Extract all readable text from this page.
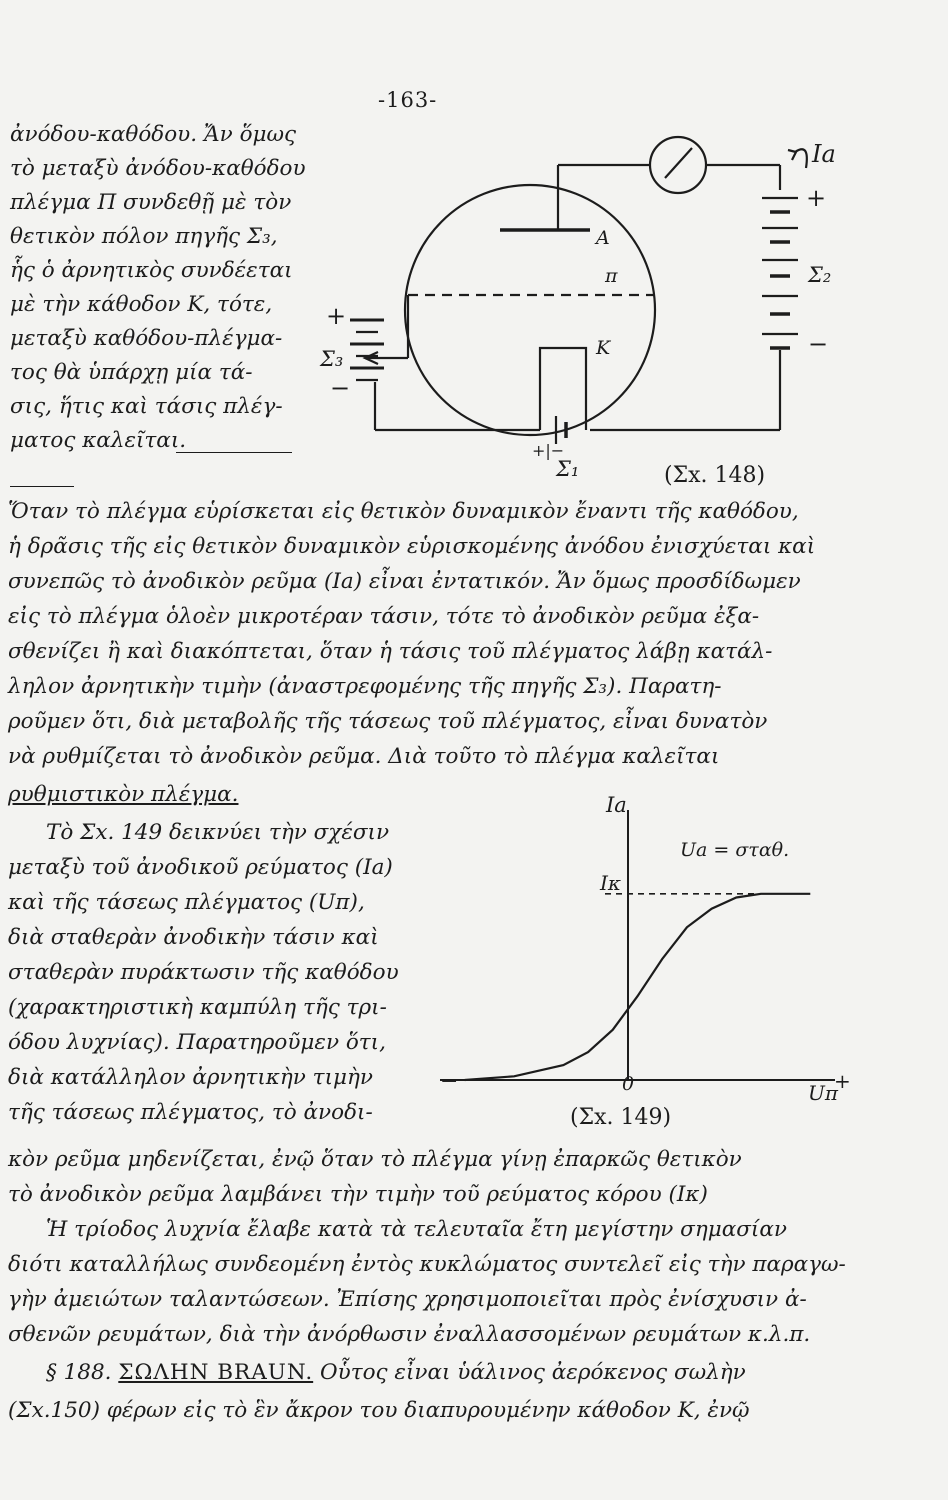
-163-
ἀνόδου-καθόδου. Ἄν ὅμως
τὸ μεταξὺ ἀνόδου-καθόδου
πλέγμα Π συνδεθῇ μὲ τὸν
θετικὸν πόλον πηγῆς Σ₃,
ἧς ὁ ἀρνητικὸς συνδέεται
μὲ τὴν κάθοδον Κ, τότε,
μεταξὺ καθόδου-πλέγμα-
τος θὰ ὑπάρχῃ μία τά-
σις, ἥτις καὶ τάσις πλέγ-
ματος καλεῖται.
Ia
A
π
K
Σ₂
+
−
Σ₃
+
−
+|−
Σ₁	(Σx. 148)
Ὅταν τὸ πλέγμα εὑρίσκεται εἰς θετικὸν δυναμικὸν ἔναντι τῆς καθόδου,
ἡ δρᾶσις τῆς εἰς θετικὸν δυναμικὸν εὑρισκομένης ἀνόδου ἐνισχύεται καὶ
συνεπῶς τὸ ἀνοδικὸν ρεῦμα (Ia) εἶναι ἐντατικόν. Ἄν ὅμως προσδίδωμεν
εἰς τὸ πλέγμα ὁλοὲν μικροτέραν τάσιν, τότε τὸ ἀνοδικὸν ρεῦμα ἐξα-
σθενίζει ἢ καὶ διακόπτεται, ὅταν ἡ τάσις τοῦ πλέγματος λάβῃ κατάλ-
ληλον ἀρνητικὴν τιμὴν (ἀναστρεφομένης τῆς πηγῆς Σ₃). Παρατη-
ροῦμεν ὅτι, διὰ μεταβολῆς τῆς τάσεως τοῦ πλέγματος, εἶναι δυνατὸν
νὰ ρυθμίζεται τὸ ἀνοδικὸν ρεῦμα. Διὰ τοῦτο τὸ πλέγμα καλεῖται
ρυθμιστικὸν πλέγμα.
Τὸ Σx. 149 δεικνύει τὴν σχέσιν
μεταξὺ τοῦ ἀνοδικοῦ ρεύματος (Ia)
καὶ τῆς τάσεως πλέγματος (Uπ),
διὰ σταθερὰν ἀνοδικὴν τάσιν καὶ
σταθερὰν πυράκτωσιν τῆς καθόδου
(χαρακτηριστικὴ καμπύλη τῆς τρι-
όδου λυχνίας). Παρατηροῦμεν ὅτι,
διὰ κατάλληλον ἀρνητικὴν τιμὴν
τῆς τάσεως πλέγματος, τὸ ἀνοδι-
κὸν ρεῦμα μηδενίζεται, ἐνῷ ὅταν τὸ πλέγμα γίνῃ ἐπαρκῶς θετικὸν
τὸ ἀνοδικὸν ρεῦμα λαμβάνει τὴν τιμὴν τοῦ ρεύματος κόρου (Iκ)
Ia
Iκ
Ua = σταθ.
−	0	Uπ
+
(Σx. 149)
Ἡ τρίοδος λυχνία ἔλαβε κατὰ τὰ τελευταῖα ἔτη μεγίστην σημασίαν
διότι καταλλήλως συνδεομένη ἐντὸς κυκλώματος συντελεῖ εἰς τὴν παραγω-
γὴν ἀμειώτων ταλαντώσεων. Ἐπίσης χρησιμοποιεῖται πρὸς ἐνίσχυσιν ἀ-
σθενῶν ρευμάτων, διὰ τὴν ἀνόρθωσιν ἐναλλασσομένων ρευμάτων κ.λ.π.
§ 188. ΣΩΛΗΝ BRAUN. Οὗτος εἶναι ὑάλινος ἀερόκενος σωλὴν
(Σx.150) φέρων εἰς τὸ ἓν ἄκρον του διαπυρουμένην κάθοδον Κ, ἐνῷ
